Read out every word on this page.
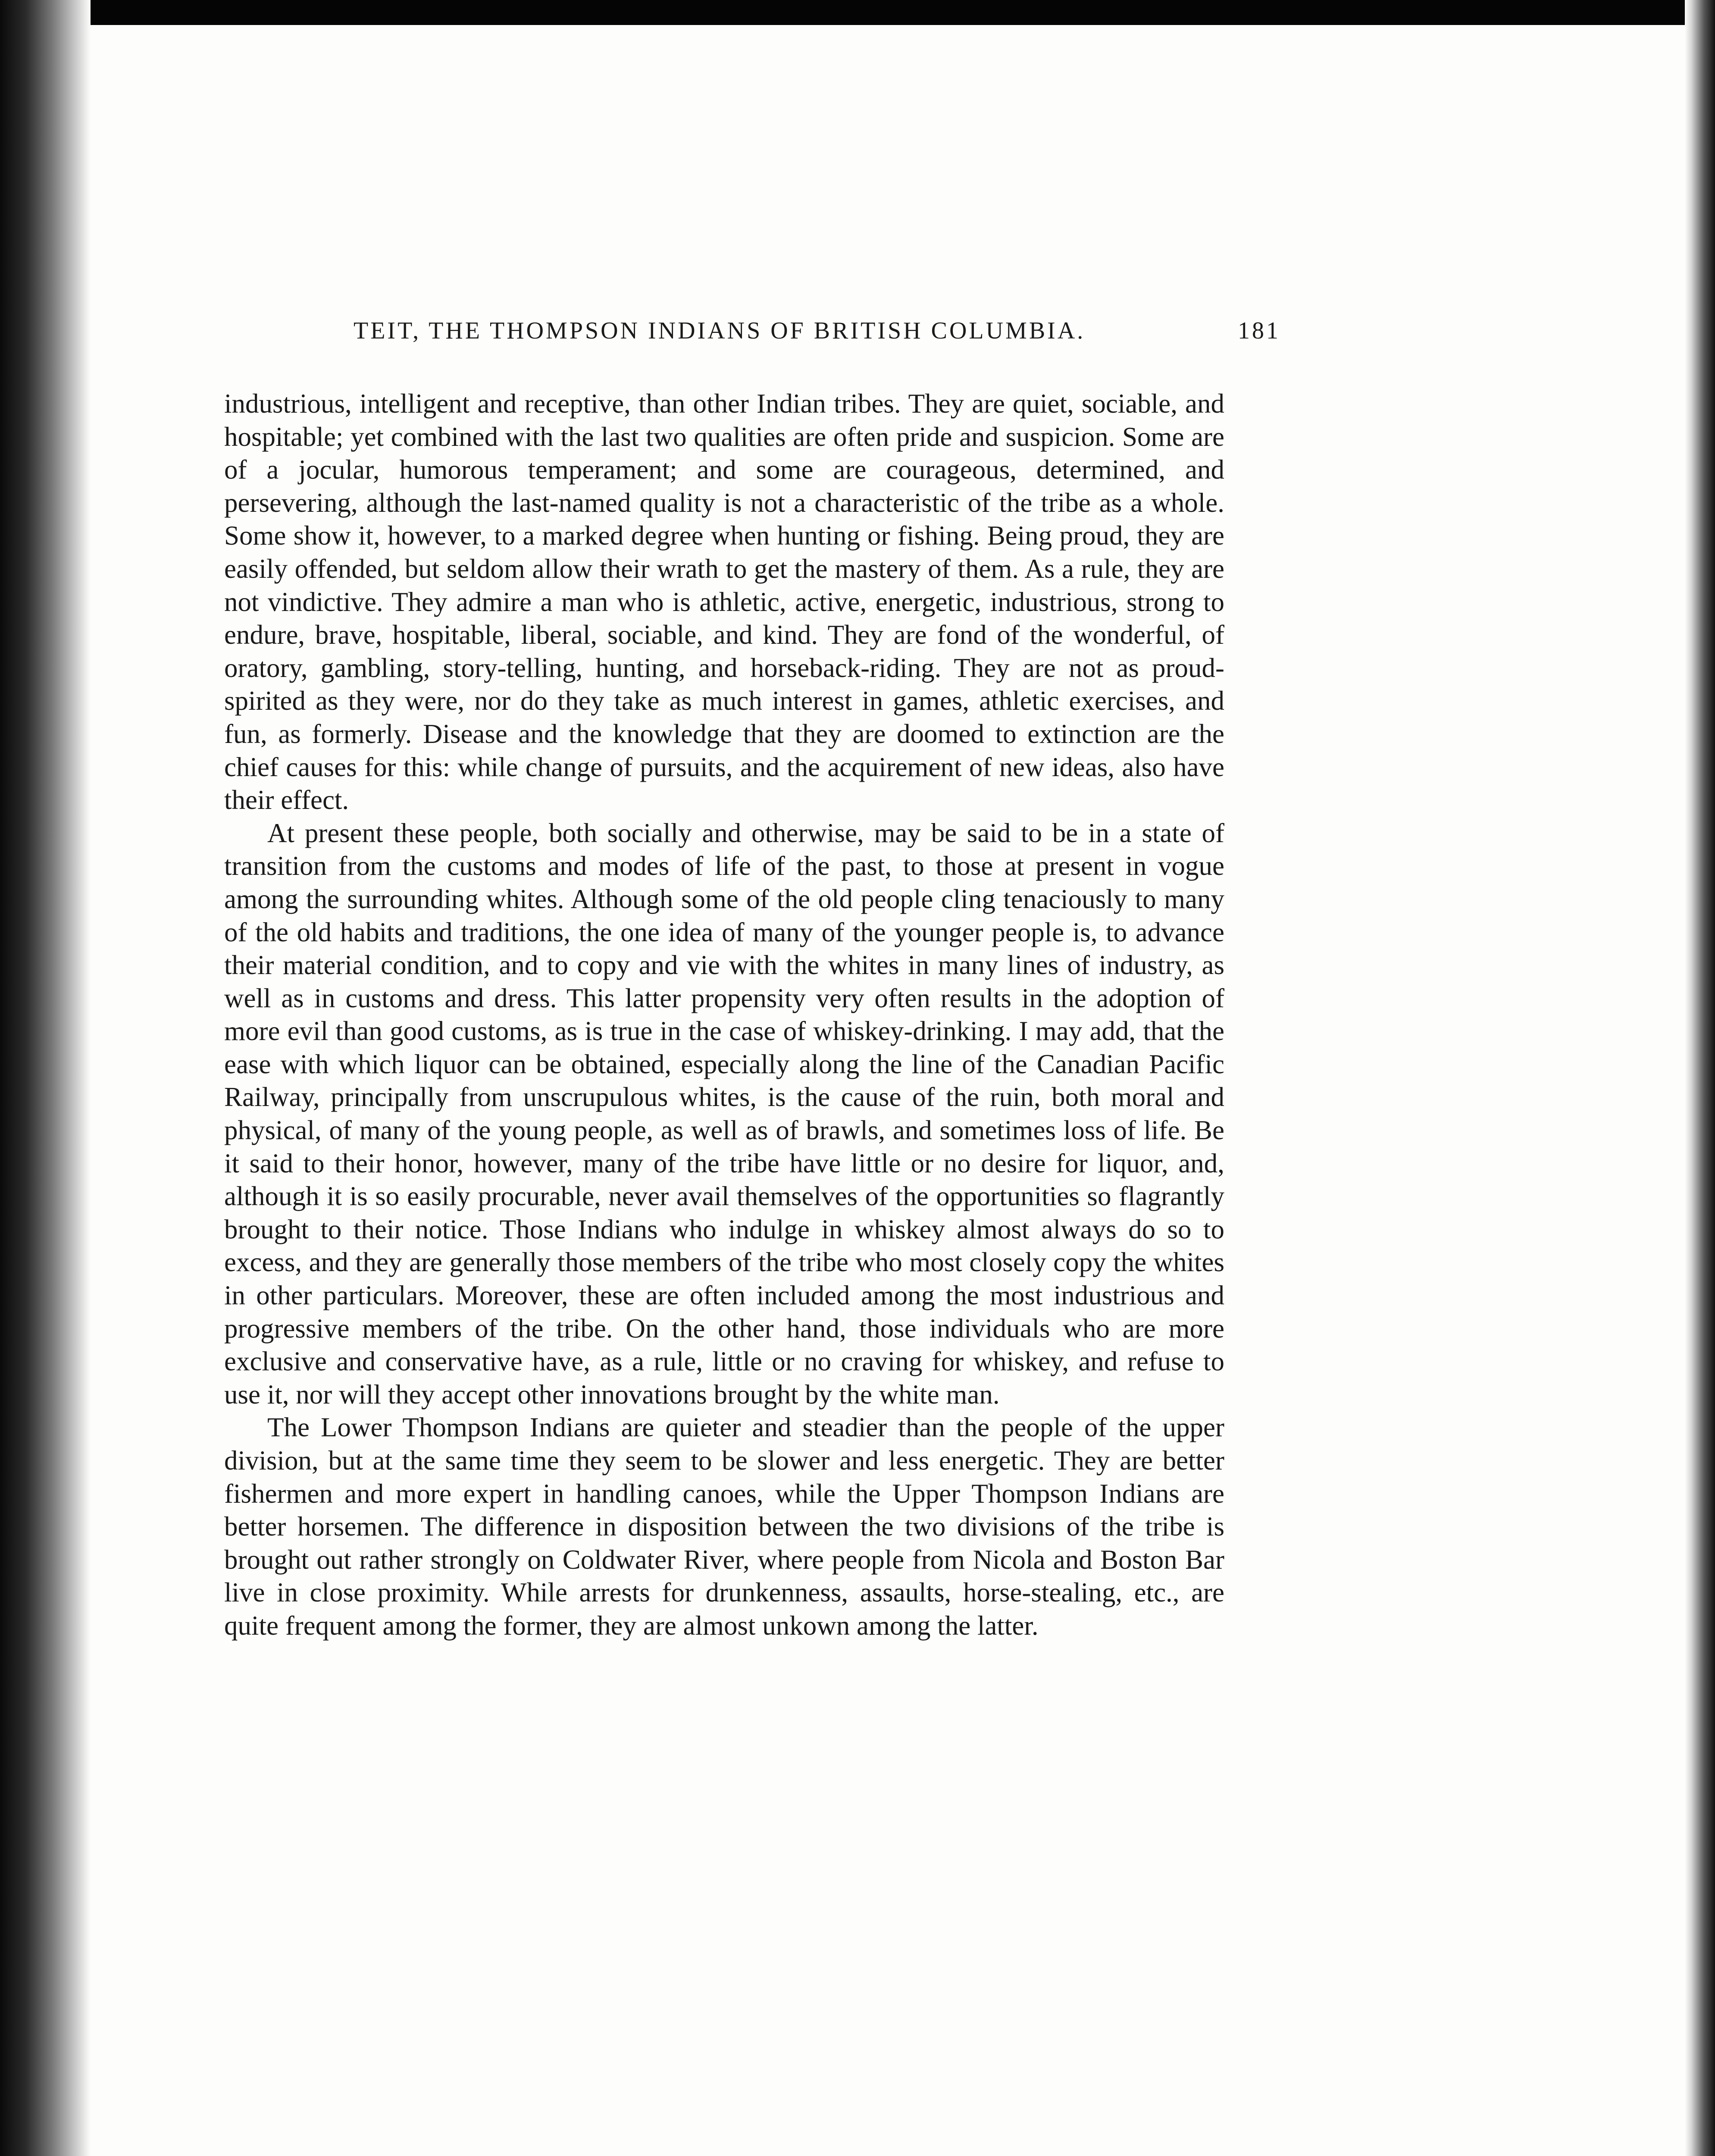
TEIT, THE THOMPSON INDIANS OF BRITISH COLUMBIA.	181

industrious, intelligent and receptive, than other Indian tribes. They are quiet, sociable, and hospitable; yet combined with the last two qualities are often pride and suspicion. Some are of a jocular, humorous temperament; and some are courageous, determined, and persevering, although the last-named quality is not a characteristic of the tribe as a whole. Some show it, however, to a marked degree when hunting or fishing. Being proud, they are easily offended, but seldom allow their wrath to get the mastery of them. As a rule, they are not vindictive. They admire a man who is athletic, active, energetic, industrious, strong to endure, brave, hospitable, liberal, sociable, and kind. They are fond of the wonderful, of oratory, gambling, story-telling, hunting, and horseback-riding. They are not as proud-spirited as they were, nor do they take as much interest in games, athletic exercises, and fun, as formerly. Disease and the knowledge that they are doomed to extinction are the chief causes for this: while change of pursuits, and the acquirement of new ideas, also have their effect.

At present these people, both socially and otherwise, may be said to be in a state of transition from the customs and modes of life of the past, to those at present in vogue among the surrounding whites. Although some of the old people cling tenaciously to many of the old habits and traditions, the one idea of many of the younger people is, to advance their material condition, and to copy and vie with the whites in many lines of industry, as well as in customs and dress. This latter propensity very often results in the adoption of more evil than good customs, as is true in the case of whiskey-drinking. I may add, that the ease with which liquor can be obtained, especially along the line of the Canadian Pacific Railway, principally from unscrupulous whites, is the cause of the ruin, both moral and physical, of many of the young people, as well as of brawls, and sometimes loss of life. Be it said to their honor, however, many of the tribe have little or no desire for liquor, and, although it is so easily procurable, never avail themselves of the opportunities so flagrantly brought to their notice. Those Indians who indulge in whiskey almost always do so to excess, and they are generally those members of the tribe who most closely copy the whites in other particulars. Moreover, these are often included among the most industrious and progressive members of the tribe. On the other hand, those individuals who are more exclusive and conservative have, as a rule, little or no craving for whiskey, and refuse to use it, nor will they accept other innovations brought by the white man.

The Lower Thompson Indians are quieter and steadier than the people of the upper division, but at the same time they seem to be slower and less energetic. They are better fishermen and more expert in handling canoes, while the Upper Thompson Indians are better horsemen. The difference in disposition between the two divisions of the tribe is brought out rather strongly on Coldwater River, where people from Nicola and Boston Bar live in close proximity. While arrests for drunkenness, assaults, horse-stealing, etc., are quite frequent among the former, they are almost unkown among the latter.
